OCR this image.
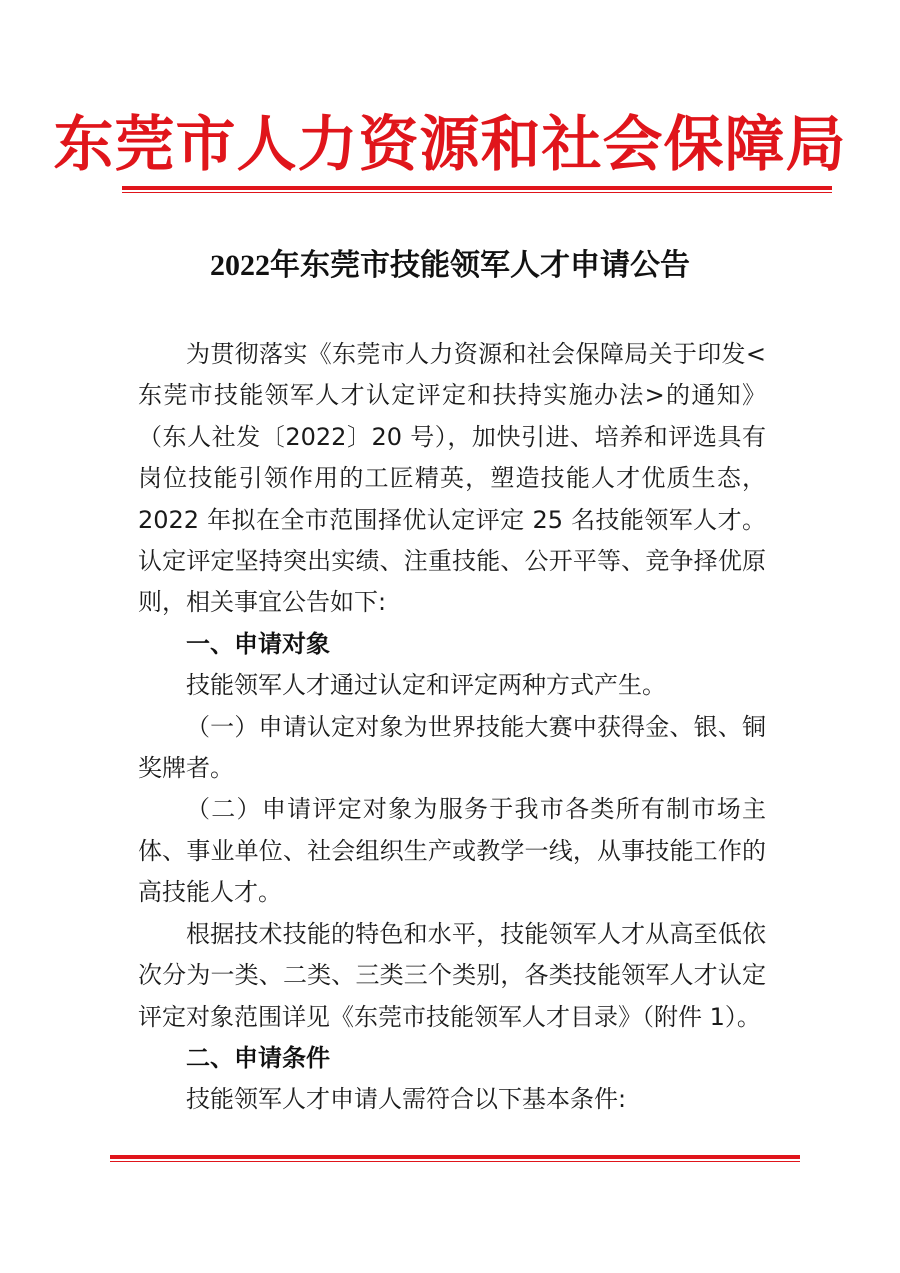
东莞市人力资源和社会保障局
2022年东莞市技能领军人才申请公告

为贯彻落实《东莞市人力资源和社会保障局关于印发<东莞市技能领军人才认定评定和扶持实施办法>的通知》（东人社发〔2022〕20 号），加快引进、培养和评选具有岗位技能引领作用的工匠精英，塑造技能人才优质生态，2022 年拟在全市范围择优认定评定 25 名技能领军人才。认定评定坚持突出实绩、注重技能、公开平等、竞争择优原则，相关事宜公告如下:

一、申请对象

技能领军人才通过认定和评定两种方式产生。

（一）申请认定对象为世界技能大赛中获得金、银、铜奖牌者。

（二）申请评定对象为服务于我市各类所有制市场主体、事业单位、社会组织生产或教学一线，从事技能工作的高技能人才。

根据技术技能的特色和水平，技能领军人才从高至低依次分为一类、二类、三类三个类别，各类技能领军人才认定评定对象范围详见《东莞市技能领军人才目录》（附件 1）。

二、申请条件

技能领军人才申请人需符合以下基本条件:
